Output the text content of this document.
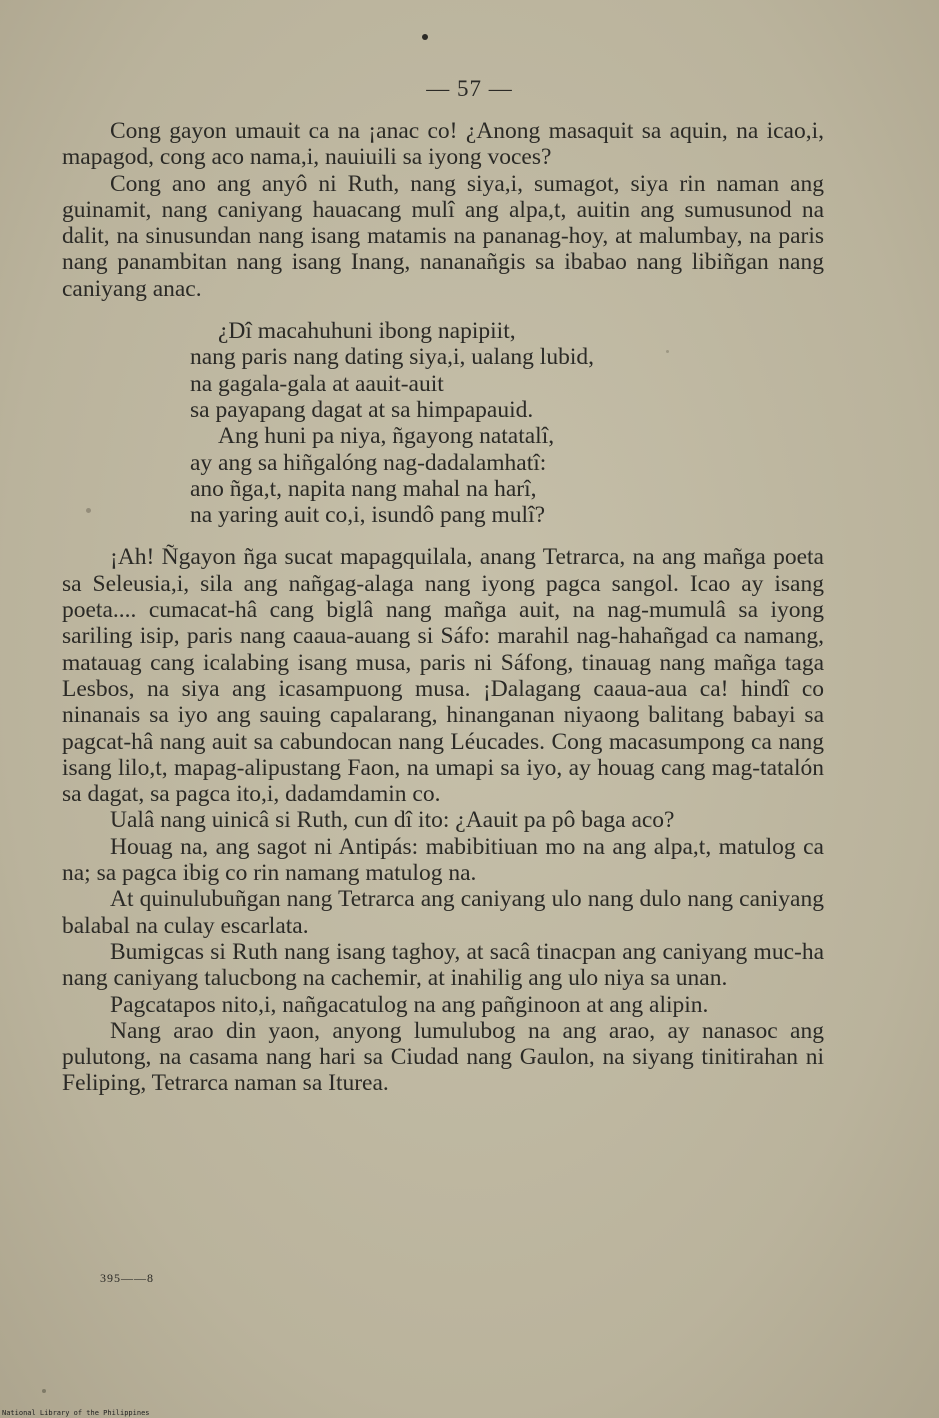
— 57 —

Cong gayon umauit ca na ¡anac co! ¿Anong masaquit sa aquin, na icao,i, mapagod, cong aco nama,i, nauiuili sa iyong voces?

Cong ano ang anyô ni Ruth, nang siya,i, sumagot, siya rin naman ang guinamit, nang caniyang hauacang mulî ang alpa,t, auitin ang sumusunod na dalit, na sinusundan nang isang matamis na pananag-hoy, at malumbay, na paris nang panambitan nang isang Inang, nananañgis sa ibabao nang libiñgan nang caniyang anac.

¿Dî macahuhuni ibong napipiit,
nang paris nang dating siya,i, ualang lubid,
na gagala-gala at aauit-auit
sa payapang dagat at sa himpapauid.
Ang huni pa niya, ñgayong natatalî,
ay ang sa hiñgalóng nag-dadalamhatî:
ano ñga,t, napita nang mahal na harî,
na yaring auit co,i, isundô pang mulî?

¡Ah! Ñgayon ñga sucat mapagquilala, anang Tetrarca, na ang mañga poeta sa Seleusia,i, sila ang nañgag-alaga nang iyong pagca sangol. Icao ay isang poeta.... cumacat-hâ cang biglâ nang mañga auit, na nag-mumulâ sa iyong sariling isip, paris nang caaua-auang si Sáfo: marahil nag-hahañgad ca namang, matauag cang icalabing isang musa, paris ni Sáfong, tinauag nang mañga taga Lesbos, na siya ang icasampuong musa. ¡Dalagang caaua-aua ca! hindî co ninanais sa iyo ang sauing capalarang, hinanganan niyaong balitang babayi sa pagcat-hâ nang auit sa cabundocan nang Léucades. Cong macasumpong ca nang isang lilo,t, mapag-alipustang Faon, na umapi sa iyo, ay houag cang mag-tatalón sa dagat, sa pagca ito,i, dadamdamin co.

Ualâ nang uinicâ si Ruth, cun dî ito: ¿Aauit pa pô baga aco?

Houag na, ang sagot ni Antipás: mabibitiuan mo na ang alpa,t, matulog ca na; sa pagca ibig co rin namang matulog na.

At quinulubuñgan nang Tetrarca ang caniyang ulo nang dulo nang caniyang balabal na culay escarlata.

Bumigcas si Ruth nang isang taghoy, at sacâ tinacpan ang caniyang muc-ha nang caniyang talucbong na cachemir, at inahilig ang ulo niya sa unan.

Pagcatapos nito,i, nañgacatulog na ang pañginoon at ang alipin.

Nang arao din yaon, anyong lumulubog na ang arao, ay nanasoc ang pulutong, na casama nang hari sa Ciudad nang Gaulon, na siyang tinitirahan ni Feliping, Tetrarca naman sa Iturea.

395——8
National Library of the Philippines
